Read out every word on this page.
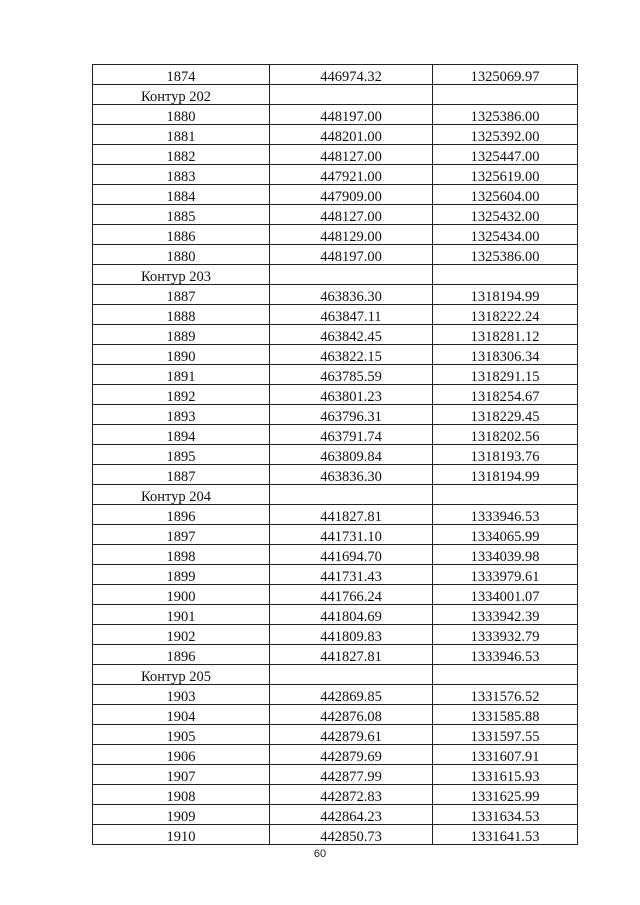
1874	446974.32	1325069.97
Контур 202		
1880	448197.00	1325386.00
1881	448201.00	1325392.00
1882	448127.00	1325447.00
1883	447921.00	1325619.00
1884	447909.00	1325604.00
1885	448127.00	1325432.00
1886	448129.00	1325434.00
1880	448197.00	1325386.00
Контур 203		
1887	463836.30	1318194.99
1888	463847.11	1318222.24
1889	463842.45	1318281.12
1890	463822.15	1318306.34
1891	463785.59	1318291.15
1892	463801.23	1318254.67
1893	463796.31	1318229.45
1894	463791.74	1318202.56
1895	463809.84	1318193.76
1887	463836.30	1318194.99
Контур 204		
1896	441827.81	1333946.53
1897	441731.10	1334065.99
1898	441694.70	1334039.98
1899	441731.43	1333979.61
1900	441766.24	1334001.07
1901	441804.69	1333942.39
1902	441809.83	1333932.79
1896	441827.81	1333946.53
Контур 205		
1903	442869.85	1331576.52
1904	442876.08	1331585.88
1905	442879.61	1331597.55
1906	442879.69	1331607.91
1907	442877.99	1331615.93
1908	442872.83	1331625.99
1909	442864.23	1331634.53
1910	442850.73	1331641.53
60
